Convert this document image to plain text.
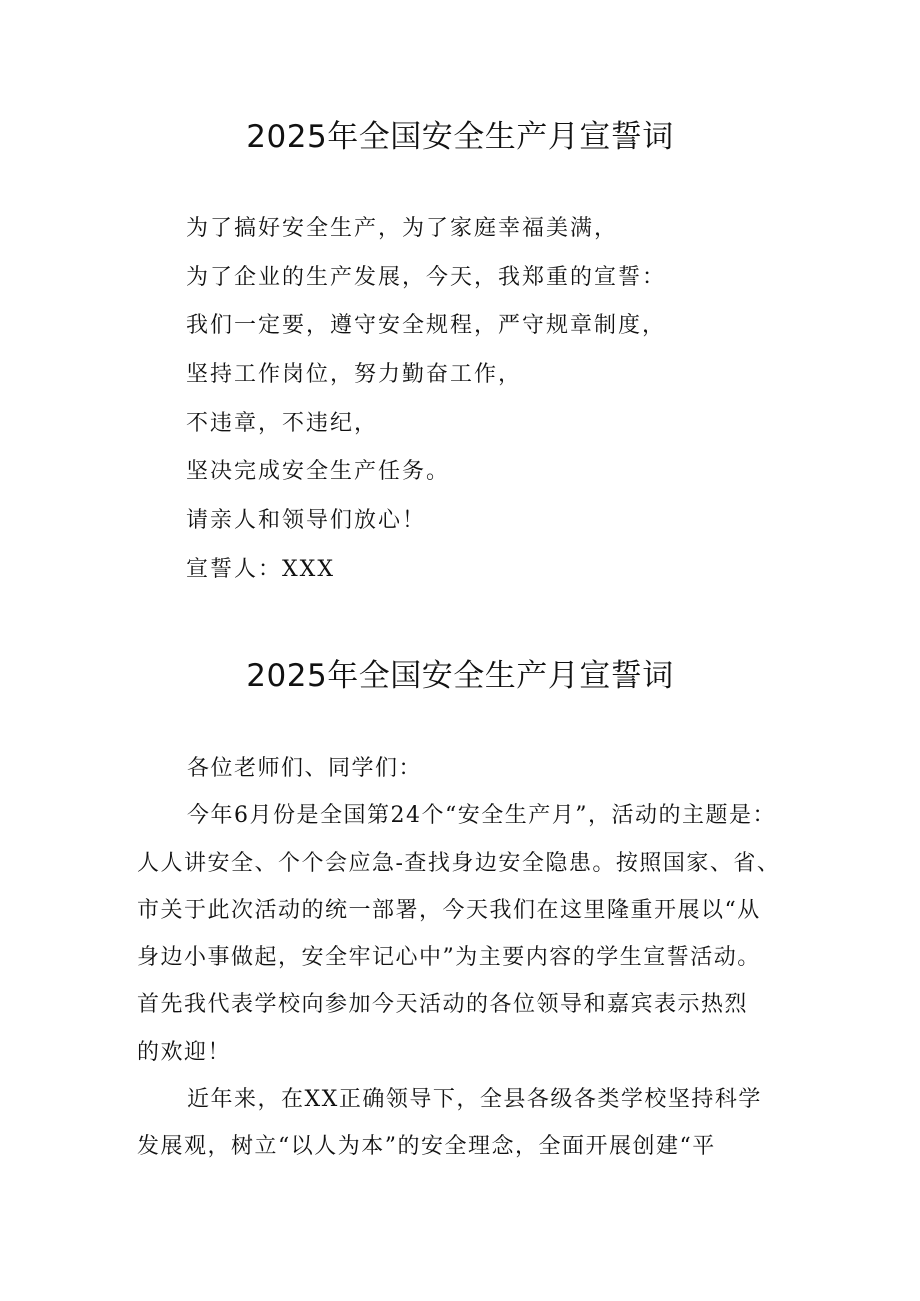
2025年全国安全生产月宣誓词
为了搞好安全生产，为了家庭幸福美满，
为了企业的生产发展，今天，我郑重的宣誓：
我们一定要，遵守安全规程，严守规章制度，
坚持工作岗位，努力勤奋工作，
不违章，不违纪，
坚决完成安全生产任务。
请亲人和领导们放心！
宣誓人：XXX
2025年全国安全生产月宣誓词
各位老师们、同学们：
今年6月份是全国第24个“安全生产月”，活动的主题是：
人人讲安全、个个会应急-查找身边安全隐患。按照国家、省、
市关于此次活动的统一部署，今天我们在这里隆重开展以“从
身边小事做起，安全牢记心中”为主要内容的学生宣誓活动。
首先我代表学校向参加今天活动的各位领导和嘉宾表示热烈
的欢迎！
近年来，在XX正确领导下，全县各级各类学校坚持科学
发展观，树立“以人为本”的安全理念，全面开展创建“平
